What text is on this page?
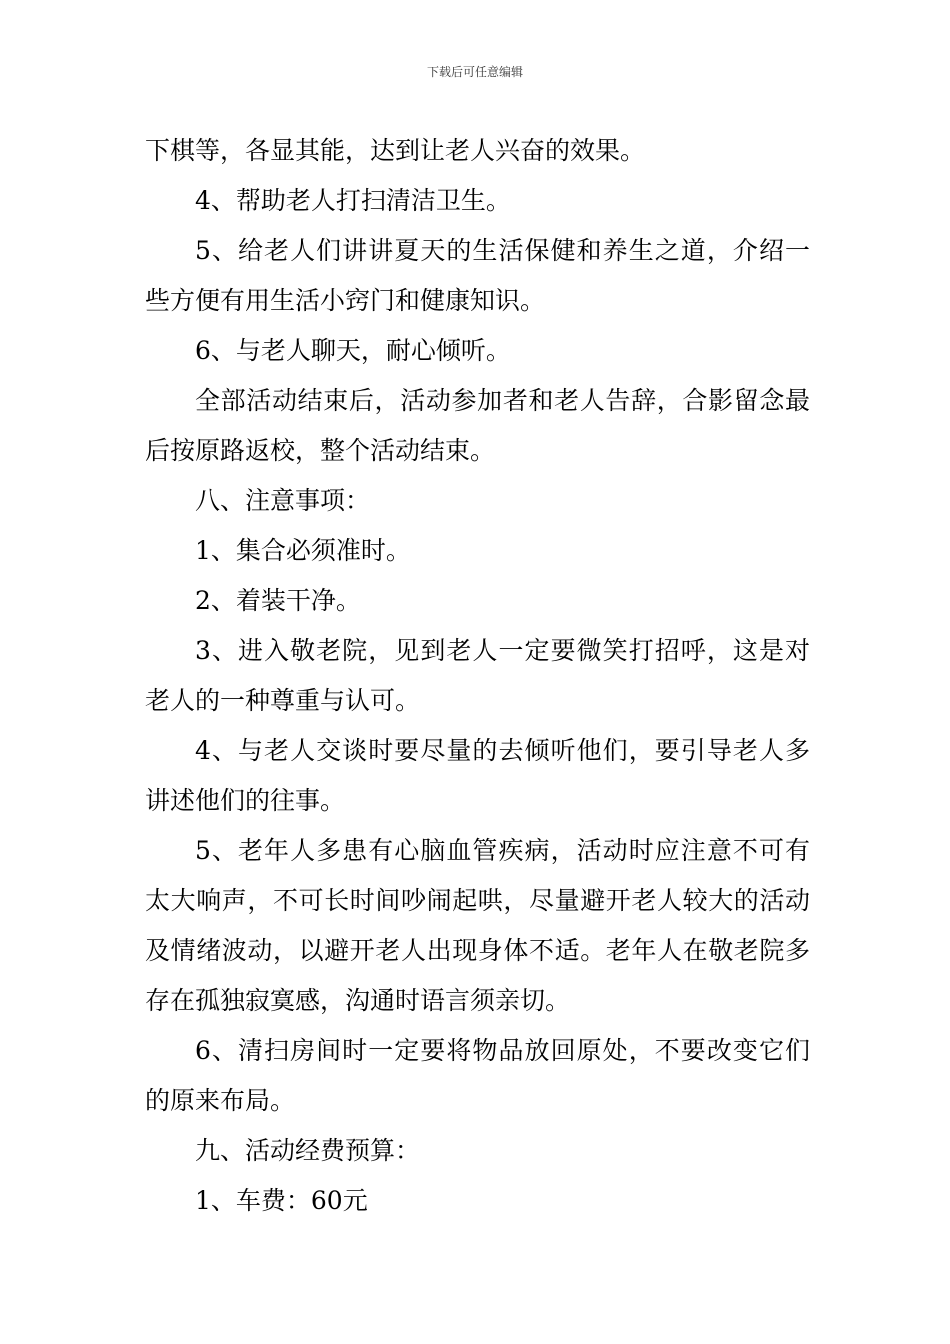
下载后可任意编辑

下棋等，各显其能，达到让老人兴奋的效果。

4、帮助老人打扫清洁卫生。

5、给老人们讲讲夏天的生活保健和养生之道，介绍一些方便有用生活小窍门和健康知识。

6、与老人聊天，耐心倾听。

全部活动结束后，活动参加者和老人告辞，合影留念最后按原路返校，整个活动结束。

八、注意事项：

1、集合必须准时。

2、着装干净。

3、进入敬老院，见到老人一定要微笑打招呼，这是对老人的一种尊重与认可。

4、与老人交谈时要尽量的去倾听他们，要引导老人多讲述他们的往事。

5、老年人多患有心脑血管疾病，活动时应注意不可有太大响声，不可长时间吵闹起哄，尽量避开老人较大的活动及情绪波动，以避开老人出现身体不适。老年人在敬老院多存在孤独寂寞感，沟通时语言须亲切。

6、清扫房间时一定要将物品放回原处，不要改变它们的原来布局。

九、活动经费预算：

1、车费：60元
